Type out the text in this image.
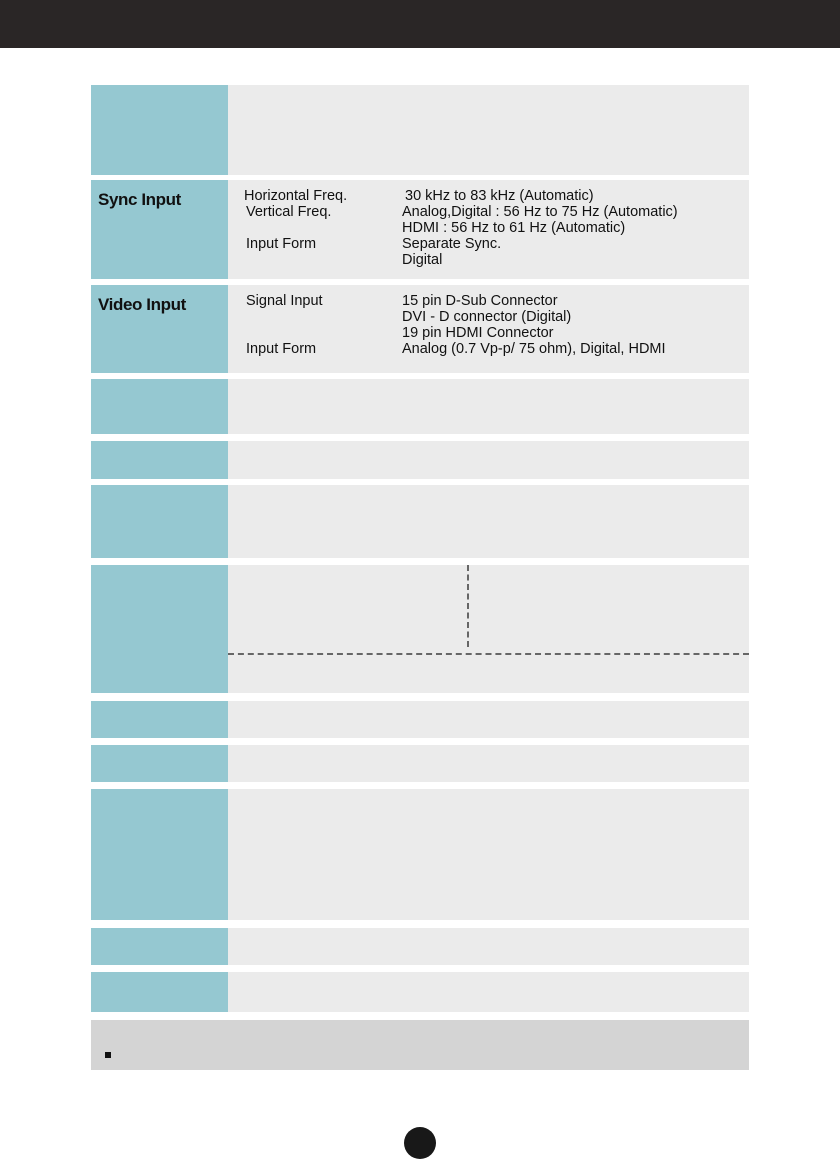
Sync Input	Horizontal Freq.	30 kHz to 83 kHz (Automatic)
Vertical Freq.	Analog,Digital : 56 Hz to 75 Hz (Automatic)
HDMI : 56 Hz to 61 Hz (Automatic)
Input Form	Separate Sync.
Digital
Video Input	Signal Input	15 pin D-Sub Connector
DVI - D connector (Digital)
19 pin HDMI Connector
Input Form	Analog (0.7 Vp-p/ 75 ohm), Digital, HDMI
